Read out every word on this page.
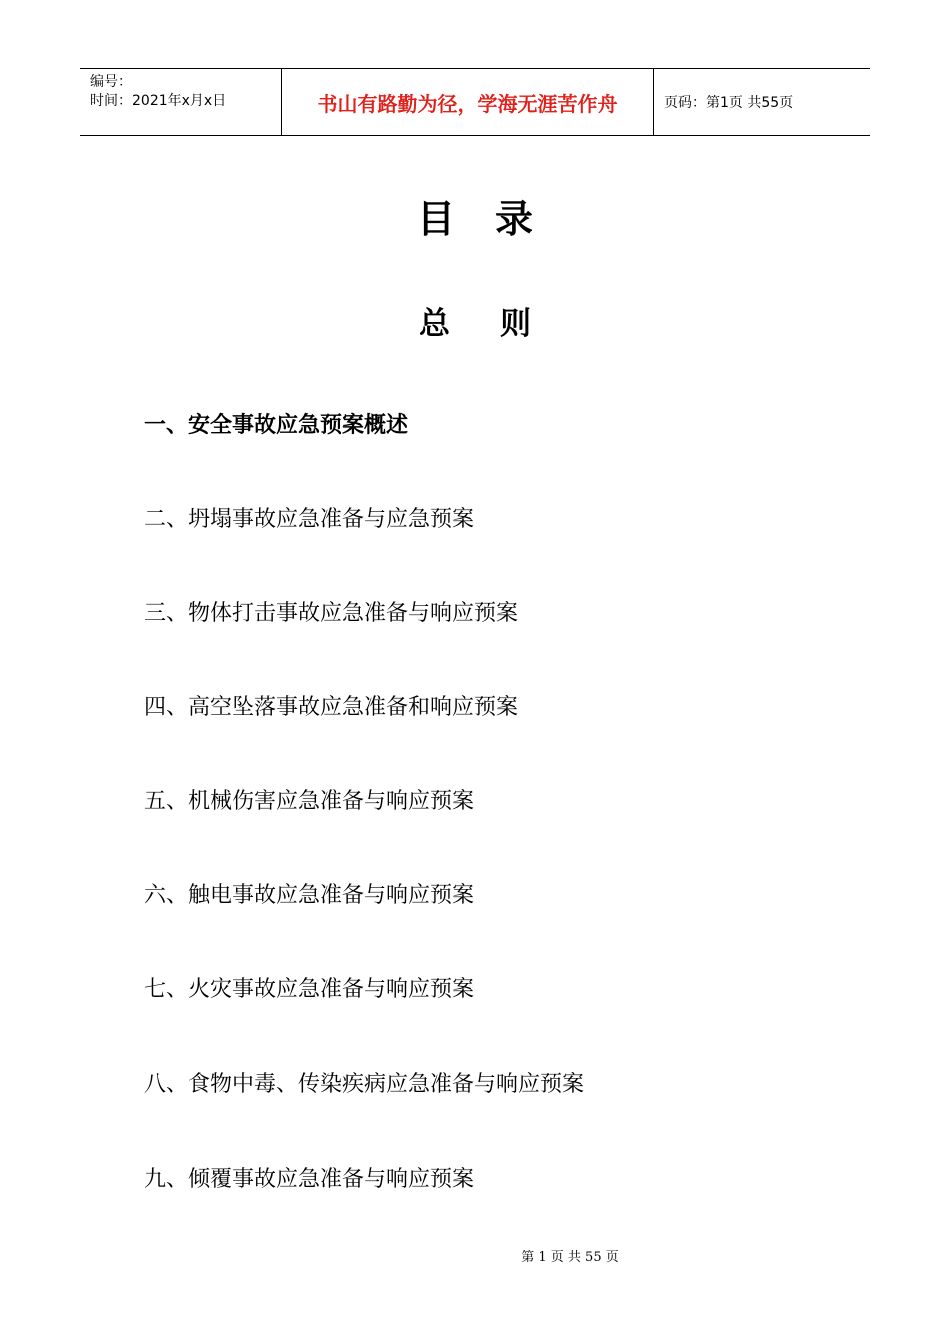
编号：
时间：2021年x月x日	书山有路勤为径，学海无涯苦作舟	页码：第1页 共55页
目录
总则
一、安全事故应急预案概述
二、坍塌事故应急准备与应急预案
三、物体打击事故应急准备与响应预案
四、高空坠落事故应急准备和响应预案
五、机械伤害应急准备与响应预案
六、触电事故应急准备与响应预案
七、火灾事故应急准备与响应预案
八、食物中毒、传染疾病应急准备与响应预案
九、倾覆事故应急准备与响应预案
第 1 页 共 55 页
